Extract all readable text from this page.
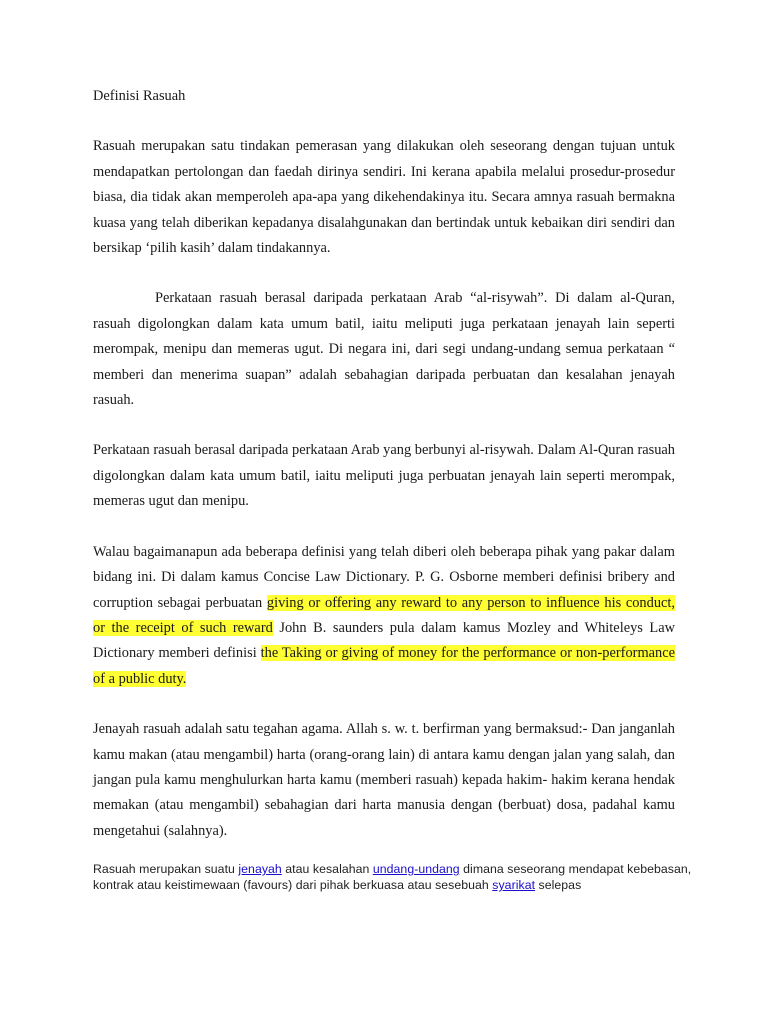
Definisi Rasuah

Rasuah merupakan satu tindakan pemerasan yang dilakukan oleh seseorang dengan tujuan untuk mendapatkan pertolongan dan faedah dirinya sendiri. Ini kerana apabila melalui prosedur-prosedur biasa, dia tidak akan memperoleh apa-apa yang dikehendakinya itu. Secara amnya rasuah bermakna kuasa yang telah diberikan kepadanya disalahgunakan dan bertindak untuk kebaikan diri sendiri dan bersikap ‘pilih kasih’ dalam tindakannya.

Perkataan rasuah berasal daripada perkataan Arab “al-risywah”. Di dalam al-Quran, rasuah digolongkan dalam kata umum batil, iaitu meliputi juga perkataan jenayah lain seperti merompak, menipu dan memeras ugut. Di negara ini, dari segi undang-undang semua perkataan “ memberi dan menerima suapan” adalah sebahagian daripada perbuatan dan kesalahan jenayah rasuah.

Perkataan rasuah berasal daripada perkataan Arab yang berbunyi al-risywah. Dalam Al-Quran rasuah digolongkan dalam kata umum batil, iaitu meliputi juga perbuatan jenayah lain seperti merompak, memeras ugut dan menipu.

Walau bagaimanapun ada beberapa definisi yang telah diberi oleh beberapa pihak yang pakar dalam bidang ini. Di dalam kamus Concise Law Dictionary. P. G. Osborne memberi definisi bribery and corruption sebagai perbuatan giving or offering any reward to any person to influence his conduct, or the receipt of such reward John B. saunders pula dalam kamus Mozley and Whiteleys Law Dictionary memberi definisi the Taking or giving of money for the performance or non-performance of a public duty.

Jenayah rasuah adalah satu tegahan agama. Allah s. w. t. berfirman yang bermaksud:- Dan janganlah kamu makan (atau mengambil) harta (orang-orang lain) di antara kamu dengan jalan yang salah, dan jangan pula kamu menghulurkan harta kamu (memberi rasuah) kepada hakim- hakim kerana hendak memakan (atau mengambil) sebahagian dari harta manusia dengan (berbuat) dosa, padahal kamu mengetahui (salahnya).

Rasuah merupakan suatu jenayah atau kesalahan undang-undang dimana seseorang mendapat kebebasan, kontrak atau keistimewaan (favours) dari pihak berkuasa atau sesebuah syarikat selepas
